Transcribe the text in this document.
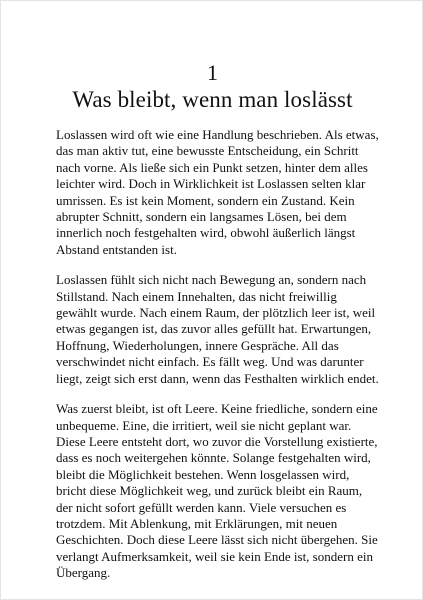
1
Was bleibt, wenn man loslässt

Loslassen wird oft wie eine Handlung beschrieben. Als etwas, das man aktiv tut, eine bewusste Entscheidung, ein Schritt nach vorne. Als ließe sich ein Punkt setzen, hinter dem alles leichter wird. Doch in Wirklichkeit ist Loslassen selten klar umrissen. Es ist kein Moment, sondern ein Zustand. Kein abrupter Schnitt, sondern ein langsames Lösen, bei dem innerlich noch festgehalten wird, obwohl äußerlich längst Abstand entstanden ist.

Loslassen fühlt sich nicht nach Bewegung an, sondern nach Stillstand. Nach einem Innehalten, das nicht freiwillig gewählt wurde. Nach einem Raum, der plötzlich leer ist, weil etwas gegangen ist, das zuvor alles gefüllt hat. Erwartungen, Hoffnung, Wiederholungen, innere Gespräche. All das verschwindet nicht einfach. Es fällt weg. Und was darunter liegt, zeigt sich erst dann, wenn das Festhalten wirklich endet.

Was zuerst bleibt, ist oft Leere. Keine friedliche, sondern eine unbequeme. Eine, die irritiert, weil sie nicht geplant war. Diese Leere entsteht dort, wo zuvor die Vorstellung existierte, dass es noch weitergehen könnte. Solange festgehalten wird, bleibt die Möglichkeit bestehen. Wenn losgelassen wird, bricht diese Möglichkeit weg, und zurück bleibt ein Raum, der nicht sofort gefüllt werden kann. Viele versuchen es trotzdem. Mit Ablenkung, mit Erklärungen, mit neuen Geschichten. Doch diese Leere lässt sich nicht übergehen. Sie verlangt Aufmerksamkeit, weil sie kein Ende ist, sondern ein Übergang.
